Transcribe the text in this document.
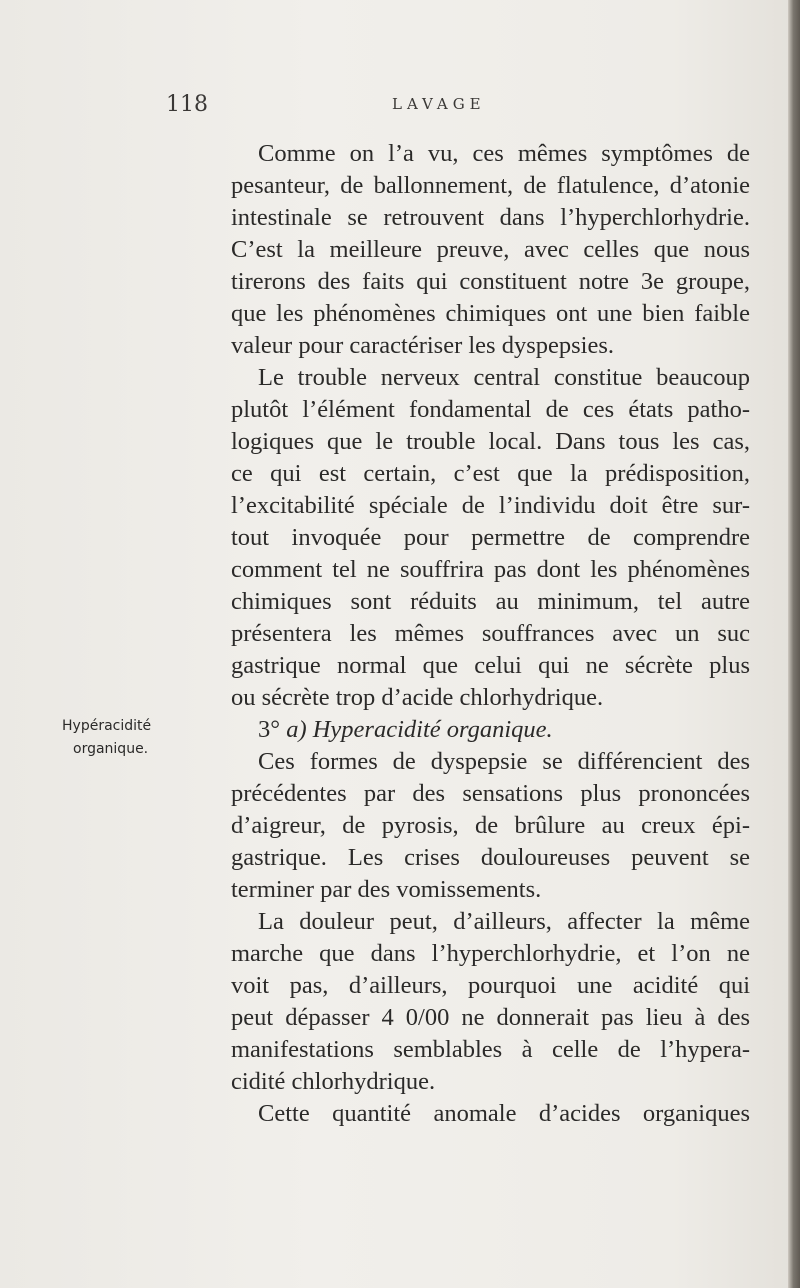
118	LAVAGE
Comme on l’a vu, ces mêmes symptômes de
pesanteur, de ballonnement, de flatulence, d’atonie
intestinale se retrouvent dans l’hyperchlorhydrie.
C’est la meilleure preuve, avec celles que nous
tirerons des faits qui constituent notre 3e groupe,
que les phénomènes chimiques ont une bien faible
valeur pour caractériser les dyspepsies.
Le trouble nerveux central constitue beaucoup
plutôt l’élément fondamental de ces états patho-
logiques que le trouble local. Dans tous les cas,
ce qui est certain, c’est que la prédisposition,
l’excitabilité spéciale de l’individu doit être sur-
tout invoquée pour permettre de comprendre
comment tel ne souffrira pas dont les phénomènes
chimiques sont réduits au minimum, tel autre
présentera les mêmes souffrances avec un suc
gastrique normal que celui qui ne sécrète plus
ou sécrète trop d’acide chlorhydrique.
3° a) Hyperacidité organique.
Ces formes de dyspepsie se différencient des
précédentes par des sensations plus prononcées
d’aigreur, de pyrosis, de brûlure au creux épi-
gastrique. Les crises douloureuses peuvent se
terminer par des vomissements.
La douleur peut, d’ailleurs, affecter la même
marche que dans l’hyperchlorhydrie, et l’on ne
voit pas, d’ailleurs, pourquoi une acidité qui
peut dépasser 4 0/00 ne donnerait pas lieu à des
manifestations semblables à celle de l’hypera-
cidité chlorhydrique.
Cette quantité anomale d’acides organiques
Hypéracidité
organique.
